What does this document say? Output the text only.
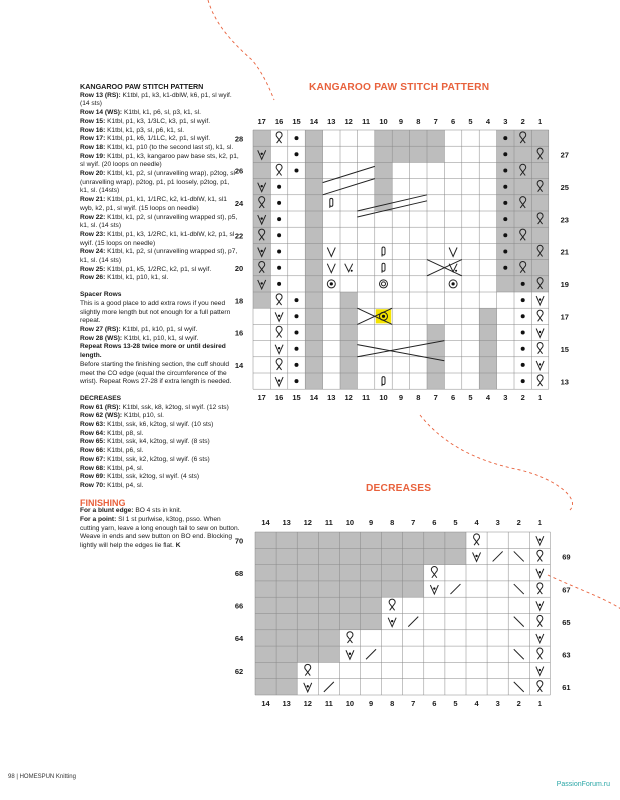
KANGAROO PAW STITCH PATTERN

Row 13 (RS): K1tbl, p1, k3, k1-dblW, k6, p1, sl wyif. (14 sts)

Row 14 (WS): K1tbl, k1, p6, sl, p3, k1, sl.

Row 15: K1tbl, p1, k3, 1/3LC, k3, p1, sl wyif.

Row 16: K1tbl, k1, p3, sl, p6, k1, sl.

Row 17: K1tbl, p1, k6, 1/1LC, k2, p1, sl wyif.

Row 18: K1tbl, k1, p10 (to the second last st), k1, sl.

Row 19: K1tbl, p1, k3, kangaroo paw base sts, k2, p1, sl wyif. (20 loops on needle)

Row 20: K1tbl, k1, p2, sl (unravelling wrap), p2tog, sl (unravelling wrap), p2tog, p1, p1 loosely, p2tog, p1, k1, sl. (14sts)

Row 21: K1tbl, p1, k1, 1/1RC, k2, k1-dblW, k1, sl1 wyb, k2, p1, sl wyif. (15 loops on needle)

Row 22: K1tbl, k1, p2, sl (unravelling wrapped st), p5, k1, sl. (14 sts)

Row 23: K1tbl, p1, k3, 1/2RC, k1, k1-dblW, k2, p1, sl wyif. (15 loops on needle)

Row 24: K1tbl, k1, p2, sl (unravelling wrapped st), p7, k1, sl. (14 sts)

Row 25: K1tbl, p1, k5, 1/2RC, k2, p1, sl wyif.

Row 26: K1tbl, k1, p10, k1, sl.

Spacer Rows

This is a good place to add extra rows if you need slightly more length but not enough for a full pattern repeat.

Row 27 (RS): K1tbl, p1, k10, p1, sl wyif.

Row 28 (WS): K1tbl, k1, p10, k1, sl wyif.

Repeat Rows 13-28 twice more or until desired length.

Before starting the finishing section, the cuff should meet the CO edge (equal the circumference of the wrist). Repeat Rows 27-28 if extra length is needed.

DECREASES

Row 61 (RS): K1tbl, ssk, k8, k2tog, sl wyif. (12 sts)

Row 62 (WS): K1tbl, p10, sl.

Row 63: K1tbl, ssk, k6, k2tog, sl wyif. (10 sts)

Row 64: K1tbl, p8, sl.

Row 65: K1tbl, ssk, k4, k2tog, sl wyif. (8 sts)

Row 66: K1tbl, p6, sl.

Row 67: K1tbl, ssk, k2, k2tog, sl wyif. (6 sts)

Row 68: K1tbl, p4, sl.

Row 69: K1tbl, ssk, k2tog, sl wyif. (4 sts)

Row 70: K1tbl, p4, sl.

FINISHING

For a blunt edge: BO 4 sts in knit.

For a point: Sl 1 st purlwise, k3tog, psso. When cutting yarn, leave a long enough tail to sew on button. Weave in ends and sew button on BO end. Blocking lightly will help the edges lie flat. K

KANGAROO PAW STITCH PATTERN
DECREASES
17
17
16
16
15
15
14
14
13
13
12
12
11
11
10
10
9
9
8
8
7
7
6
6
5
5
4
4
3
3
2
2
1
1
28
26
24
22
20
18
16
14
27
25
23
21
19
17
15
13
14
14
13
13
12
12
11
11
10
10
9
9
8
8
7
7
6
6
5
5
4
4
3
3
2
2
1
1
70
68
66
64
62
69
67
65
63
61
98 | HOMESPUN Knitting
PassionForum.ru
